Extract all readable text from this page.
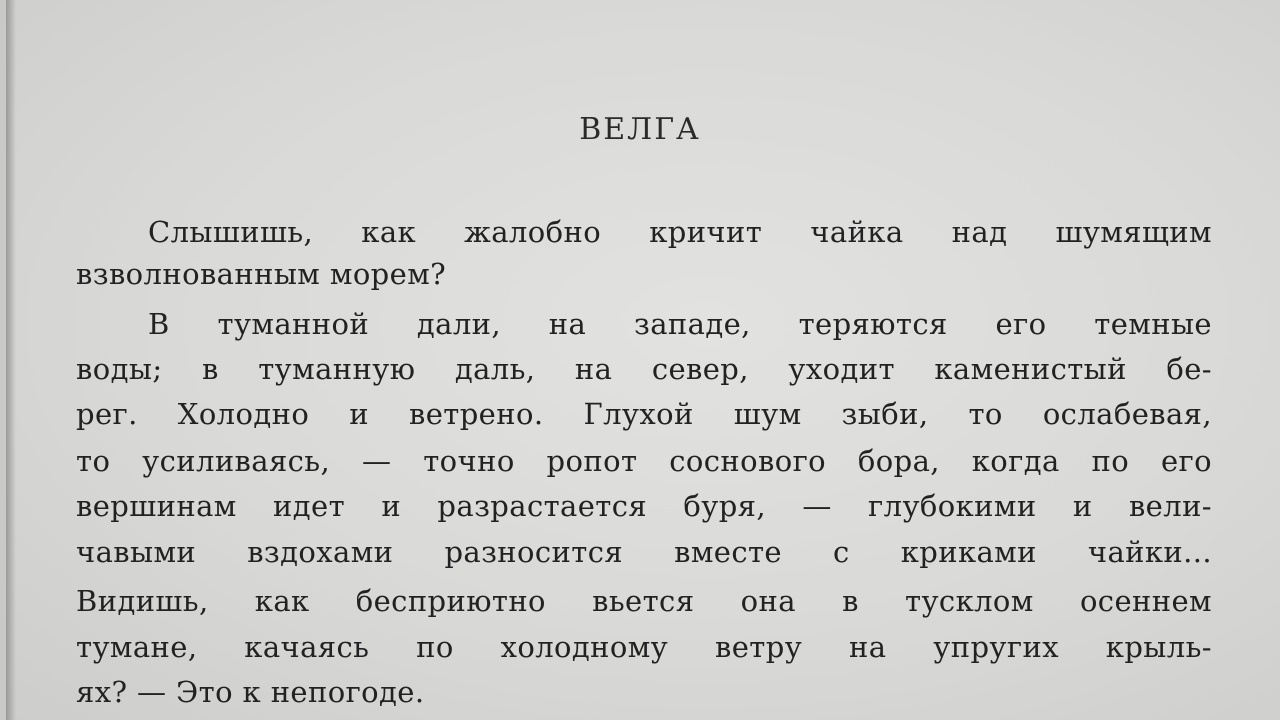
ВЕЛГА
Слышишь, как жалобно кричит чайка над шумящим
взволнованным морем?
В туманной дали, на западе, теряются его темные
воды; в туманную даль, на север, уходит каменистый бе-
рег. Холодно и ветрено. Глухой шум зыби, то ослабевая,
то усиливаясь, — точно ропот соснового бора, когда по его
вершинам идет и разрастается буря, — глубокими и вели-
чавыми вздохами разносится вместе с криками чайки...
Видишь, как бесприютно вьется она в тусклом осеннем
тумане, качаясь по холодному ветру на упругих крыль-
ях? — Это к непогоде.
